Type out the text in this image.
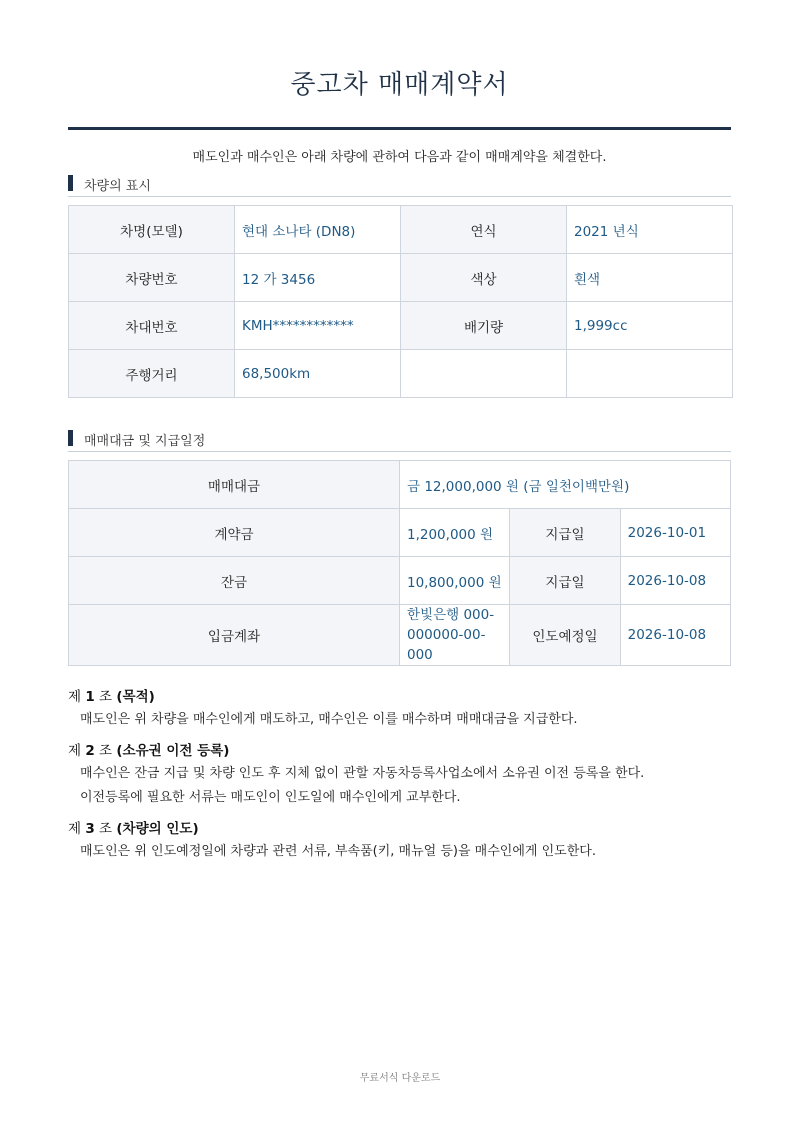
중고차 매매계약서
매도인과 매수인은 아래 차량에 관하여 다음과 같이 매매계약을 체결한다.
차량의 표시
차명(모델)	현대 소나타 (DN8)	연식	2021 년식
차량번호	12 가 3456	색상	흰색
차대번호	KMH************	배기량	1,999cc
주행거리	68,500km		
매매대금 및 지급일정
매매대금	금 12,000,000 원 (금 일천이백만원)		
계약금	1,200,000 원	지급일	2026-10-01
잔금	10,800,000 원	지급일	2026-10-08
입금계좌	한빛은행 000-000000-00-000	인도예정일	2026-10-08

제 1 조 (목적)

매도인은 위 차량을 매수인에게 매도하고, 매수인은 이를 매수하며 매매대금을 지급한다.

제 2 조 (소유권 이전 등록)

매수인은 잔금 지급 및 차량 인도 후 지체 없이 관할 자동차등록사업소에서 소유권 이전 등록을 한다.

이전등록에 필요한 서류는 매도인이 인도일에 매수인에게 교부한다.

제 3 조 (차량의 인도)

매도인은 위 인도예정일에 차량과 관련 서류, 부속품(키, 매뉴얼 등)을 매수인에게 인도한다.

무료서식 다운로드
